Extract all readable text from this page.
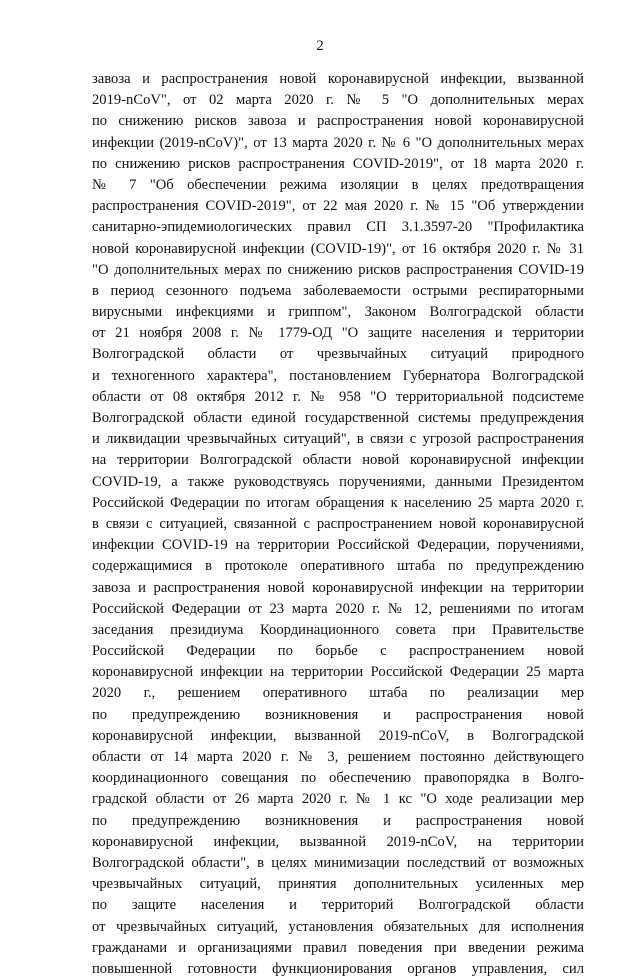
2
завоза и распространения новой коронавирусной инфекции, вызванной
2019-nCoV", от 02 марта 2020 г. № 5 "О дополнительных мерах
по снижению рисков завоза и распространения новой коронавирусной
инфекции (2019-nCoV)", от 13 марта 2020 г. № 6 "О дополнительных мерах
по снижению рисков распространения COVID-2019", от 18 марта 2020 г.
№ 7 "Об обеспечении режима изоляции в целях предотвращения
распространения COVID-2019", от 22 мая 2020 г. № 15 "Об утверждении
санитарно-эпидемиологических правил СП 3.1.3597-20 "Профилактика
новой коронавирусной инфекции (COVID-19)", от 16 октября 2020 г. № 31
"О дополнительных мерах по снижению рисков распространения COVID-19
в период сезонного подъема заболеваемости острыми респираторными
вирусными инфекциями и гриппом", Законом Волгоградской области
от 21 ноября 2008 г. № 1779-ОД "О защите населения и территории
Волгоградской области от чрезвычайных ситуаций природного
и техногенного характера", постановлением Губернатора Волгоградской
области от 08 октября 2012 г. № 958 "О территориальной подсистеме
Волгоградской области единой государственной системы предупреждения
и ликвидации чрезвычайных ситуаций", в связи с угрозой распространения
на территории Волгоградской области новой коронавирусной инфекции
COVID-19, а также руководствуясь поручениями, данными Президентом
Российской Федерации по итогам обращения к населению 25 марта 2020 г.
в связи с ситуацией, связанной с распространением новой коронавирусной
инфекции COVID-19 на территории Российской Федерации, поручениями,
содержащимися в протоколе оперативного штаба по предупреждению
завоза и распространения новой коронавирусной инфекции на территории
Российской Федерации от 23 марта 2020 г. № 12, решениями по итогам
заседания президиума Координационного совета при Правительстве
Российской Федерации по борьбе с распространением новой
коронавирусной инфекции на территории Российской Федерации 25 марта
2020 г., решением оперативного штаба по реализации мер
по предупреждению возникновения и распространения новой
коронавирусной инфекции, вызванной 2019-nCoV, в Волгоградской
области от 14 марта 2020 г. № 3, решением постоянно действующего
координационного совещания по обеспечению правопорядка в Волго-
градской области от 26 марта 2020 г. № 1 кс "О ходе реализации мер
по предупреждению возникновения и распространения новой
коронавирусной инфекции, вызванной 2019-nCoV, на территории
Волгоградской области", в целях минимизации последствий от возможных
чрезвычайных ситуаций, принятия дополнительных усиленных мер
по защите населения и территорий Волгоградской области
от чрезвычайных ситуаций, установления обязательных для исполнения
гражданами и организациями правил поведения при введении режима
повышенной готовности функционирования органов управления, сил
